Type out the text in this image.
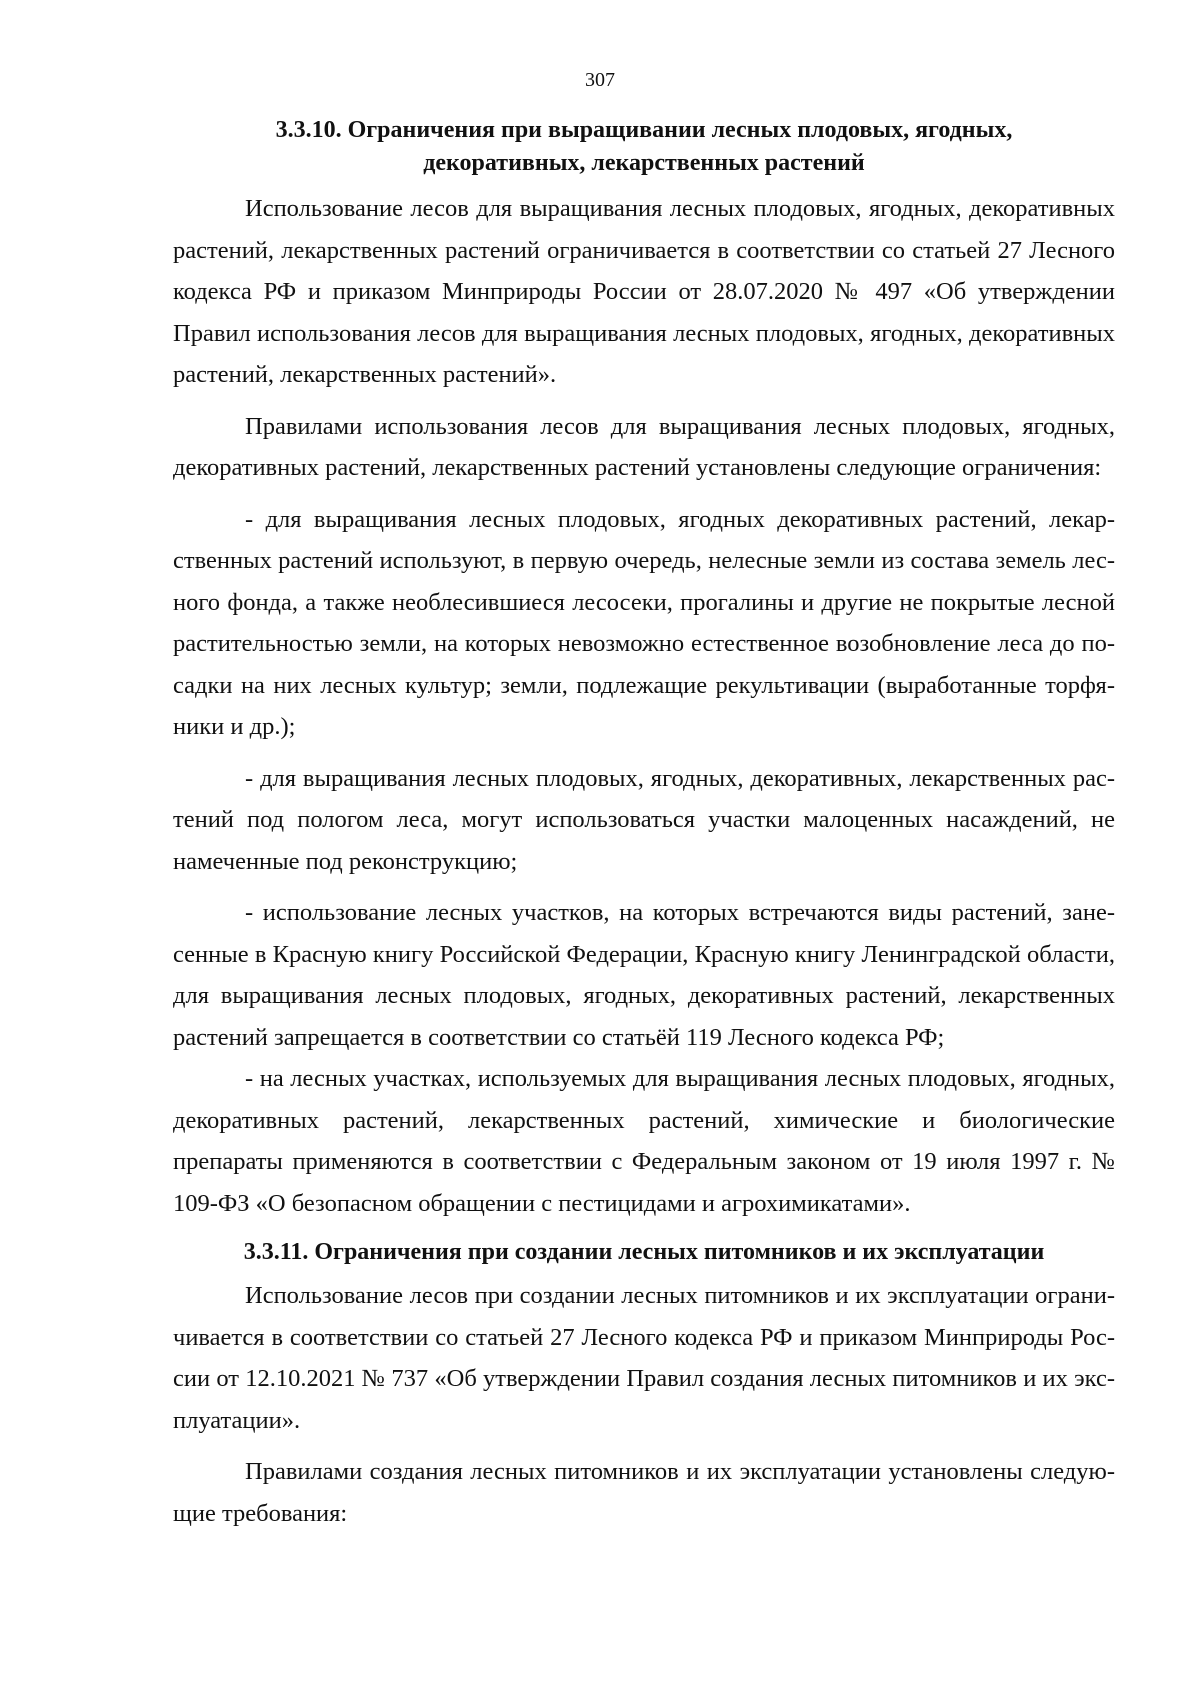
307
3.3.10. Ограничения при выращивании лесных плодовых, ягодных,
декоративных, лекарственных растений

Использование лесов для выращивания лесных плодовых, ягодных, декоративных растений, лекарственных растений ограничивается в соответствии со статьей 27 Лесного кодекса РФ и приказом Минприроды России от 28.07.2020 № 497 «Об утверждении Правил использования лесов для выращивания лесных плодовых, ягодных, декоративных растений, лекарственных растений».

Правилами использования лесов для выращивания лесных плодовых, ягодных, декоративных растений, лекарственных растений установлены следующие ограничения:

- для выращивания лесных плодовых, ягодных декоративных растений, лекарственных растений используют, в первую очередь, нелесные земли из состава земель лесного фонда, а также необлесившиеся лесосеки, прогалины и другие не покрытые лесной растительностью земли, на которых невозможно естественное возобновление леса до посадки на них лесных культур; земли, подлежащие рекультивации (выработанные торфяники и др.);

- для выращивания лесных плодовых, ягодных, декоративных, лекарственных растений под пологом леса, могут использоваться участки малоценных насаждений, не намеченные под реконструкцию;

- использование лесных участков, на которых встречаются виды растений, занесенные в Красную книгу Российской Федерации, Красную книгу Ленинградской области, для выращивания лесных плодовых, ягодных, декоративных растений, лекарственных растений запрещается в соответствии со статьёй 119 Лесного кодекса РФ;

- на лесных участках, используемых для выращивания лесных плодовых, ягодных, декоративных растений, лекарственных растений, химические и биологические препараты применяются в соответствии с Федеральным законом от 19 июля 1997 г. № 109-ФЗ «О безопасном обращении с пестицидами и агрохимикатами».

3.3.11. Ограничения при создании лесных питомников и их эксплуатации

Использование лесов при создании лесных питомников и их эксплуатации ограничивается в соответствии со статьей 27 Лесного кодекса РФ и приказом Минприроды России от 12.10.2021 № 737 «Об утверждении Правил создания лесных питомников и их эксплуатации».

Правилами создания лесных питомников и их эксплуатации установлены следующие требования:
